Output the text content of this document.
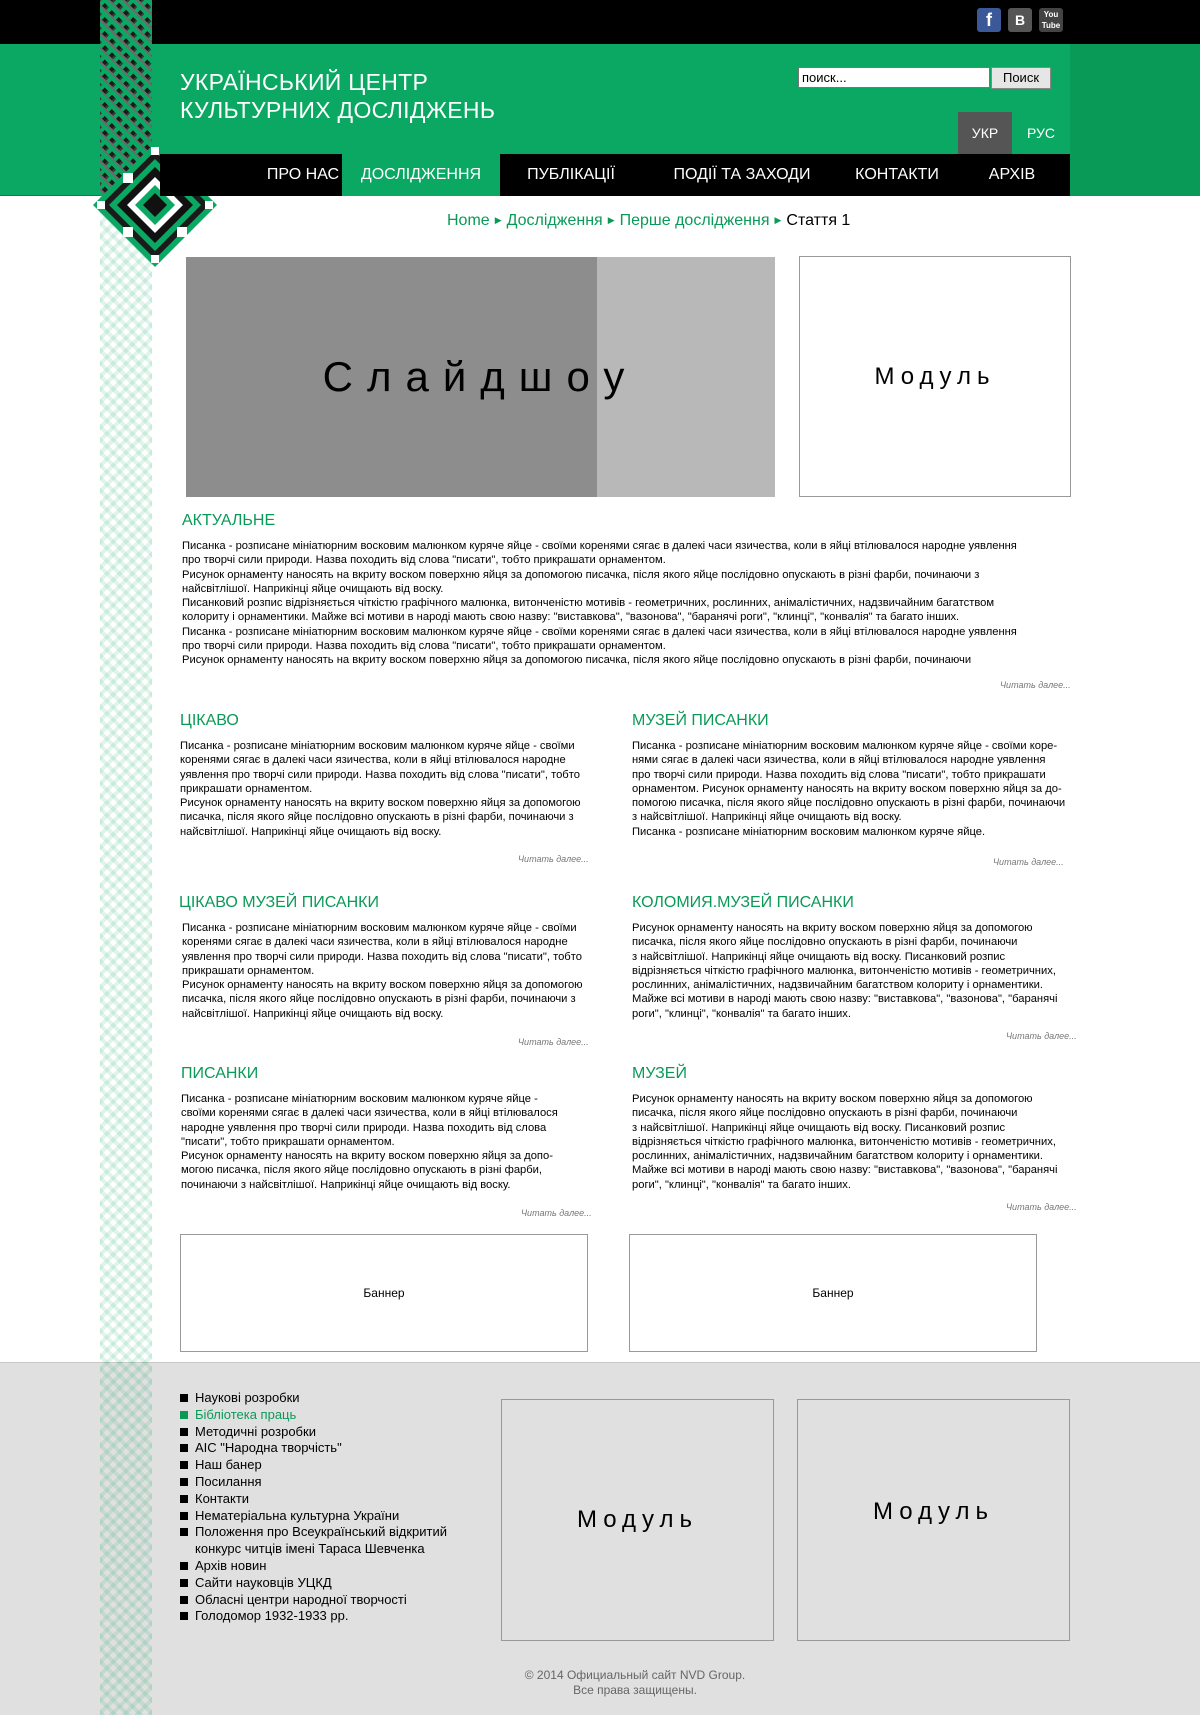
f	B	You Tube
УКРАЇНСЬКИЙ ЦЕНТР
КУЛЬТУРНИХ ДОСЛІДЖЕНЬ
поиск...
Поиск
УКР	РУС
ПРО НАС	ДОСЛІДЖЕННЯ	ПУБЛІКАЦІЇ	ПОДІЇ ТА ЗАХОДИ	КОНТАКТИ	АРХІВ
Home ▶ Дослідження ▶ Перше дослідження ▶ Стаття 1
Слайдшоу	Модуль
АКТУАЛЬНЕ
Писанка - розписане мініатюрним восковим малюнком куряче яйце - своїми коренями сягає в далекі часи язичества, коли в яйці втілювалося народне уявлення
про творчі сили природи. Назва походить від слова "писати", тобто прикрашати орнаментом.
Рисунок орнаменту наносять на вкриту воском поверхню яйця за допомогою писачка, після якого яйце послідовно опускають в різні фарби, починаючи з
найсвітлішої. Наприкінці яйце очищають від воску.
Писанковий розпис відрізняється чіткістю графічного малюнка, витонченістю мотивів - геометричних, рослинних, анімалістичних, надзвичайним багатством
колориту і орнаментики. Майже всі мотиви в народі мають свою назву: "виставкова", "вазонова", "баранячі роги", "клинці", "конвалія" та багато інших.
Писанка - розписане мініатюрним восковим малюнком куряче яйце - своїми коренями сягає в далекі часи язичества, коли в яйці втілювалося народне уявлення
про творчі сили природи. Назва походить від слова "писати", тобто прикрашати орнаментом.
Рисунок орнаменту наносять на вкриту воском поверхню яйця за допомогою писачка, після якого яйце послідовно опускають в різні фарби, починаючи
Читать далее...
ЦІКАВО
Писанка - розписане мініатюрним восковим малюнком куряче яйце - своїми
коренями сягає в далекі часи язичества, коли в яйці втілювалося народне
уявлення про творчі сили природи. Назва походить від слова "писати", тобто
прикрашати орнаментом.
Рисунок орнаменту наносять на вкриту воском поверхню яйця за допомогою
писачка, після якого яйце послідовно опускають в різні фарби, починаючи з
найсвітлішої. Наприкінці яйце очищають від воску.
Читать далее...
МУЗЕЙ ПИСАНКИ
Писанка - розписане мініатюрним восковим малюнком куряче яйце - своїми коре-
нями сягає в далекі часи язичества, коли в яйці втілювалося народне уявлення
про творчі сили природи. Назва походить від слова "писати", тобто прикрашати
орнаментом. Рисунок орнаменту наносять на вкриту воском поверхню яйця за до-
помогою писачка, після якого яйце послідовно опускають в різні фарби, починаючи
з найсвітлішої. Наприкінці яйце очищають від воску.
Писанка - розписане мініатюрним восковим малюнком куряче яйце.
Читать далее...
ЦІКАВО МУЗЕЙ ПИСАНКИ
Писанка - розписане мініатюрним восковим малюнком куряче яйце - своїми
коренями сягає в далекі часи язичества, коли в яйці втілювалося народне
уявлення про творчі сили природи. Назва походить від слова "писати", тобто
прикрашати орнаментом.
Рисунок орнаменту наносять на вкриту воском поверхню яйця за допомогою
писачка, після якого яйце послідовно опускають в різні фарби, починаючи з
найсвітлішої. Наприкінці яйце очищають від воску.
Читать далее...
КОЛОМИЯ.МУЗЕЙ ПИСАНКИ
Рисунок орнаменту наносять на вкриту воском поверхню яйця за допомогою
писачка, після якого яйце послідовно опускають в різні фарби, починаючи
з найсвітлішої. Наприкінці яйце очищають від воску. Писанковий розпис
відрізняється чіткістю графічного малюнка, витонченістю мотивів - геометричних,
рослинних, анімалістичних, надзвичайним багатством колориту і орнаментики.
Майже всі мотиви в народі мають свою назву: "виставкова", "вазонова", "баранячі
роги", "клинці", "конвалія" та багато інших.
Читать далее...
ПИСАНКИ
Писанка - розписане мініатюрним восковим малюнком куряче яйце -
своїми коренями сягає в далекі часи язичества, коли в яйці втілювалося
народне уявлення про творчі сили природи. Назва походить від слова
"писати", тобто прикрашати орнаментом.
Рисунок орнаменту наносять на вкриту воском поверхню яйця за допо-
могою писачка, після якого яйце послідовно опускають в різні фарби,
починаючи з найсвітлішої. Наприкінці яйце очищають від воску.
Читать далее...
МУЗЕЙ
Рисунок орнаменту наносять на вкриту воском поверхню яйця за допомогою
писачка, після якого яйце послідовно опускають в різні фарби, починаючи
з найсвітлішої. Наприкінці яйце очищають від воску. Писанковий розпис
відрізняється чіткістю графічного малюнка, витонченістю мотивів - геометричних,
рослинних, анімалістичних, надзвичайним багатством колориту і орнаментики.
Майже всі мотиви в народі мають свою назву: "виставкова", "вазонова", "баранячі
роги", "клинці", "конвалія" та багато інших.
Читать далее...
Баннер	Баннер
Наукові розробки
Бібліотека праць
Методичні розробки
АІС "Народна творчість"
Наш банер
Посилання
Контакти
Нематеріальна культурна України
Положення про Всеукраїнський відкритий конкурс читців імені Тараса Шевченка
Архів новин
Сайти науковців УЦКД
Обласні центри народної творчості
Голодомор 1932-1933 рр.
Модуль	Модуль
© 2014 Официальный сайт NVD Group.
Все права защищены.
